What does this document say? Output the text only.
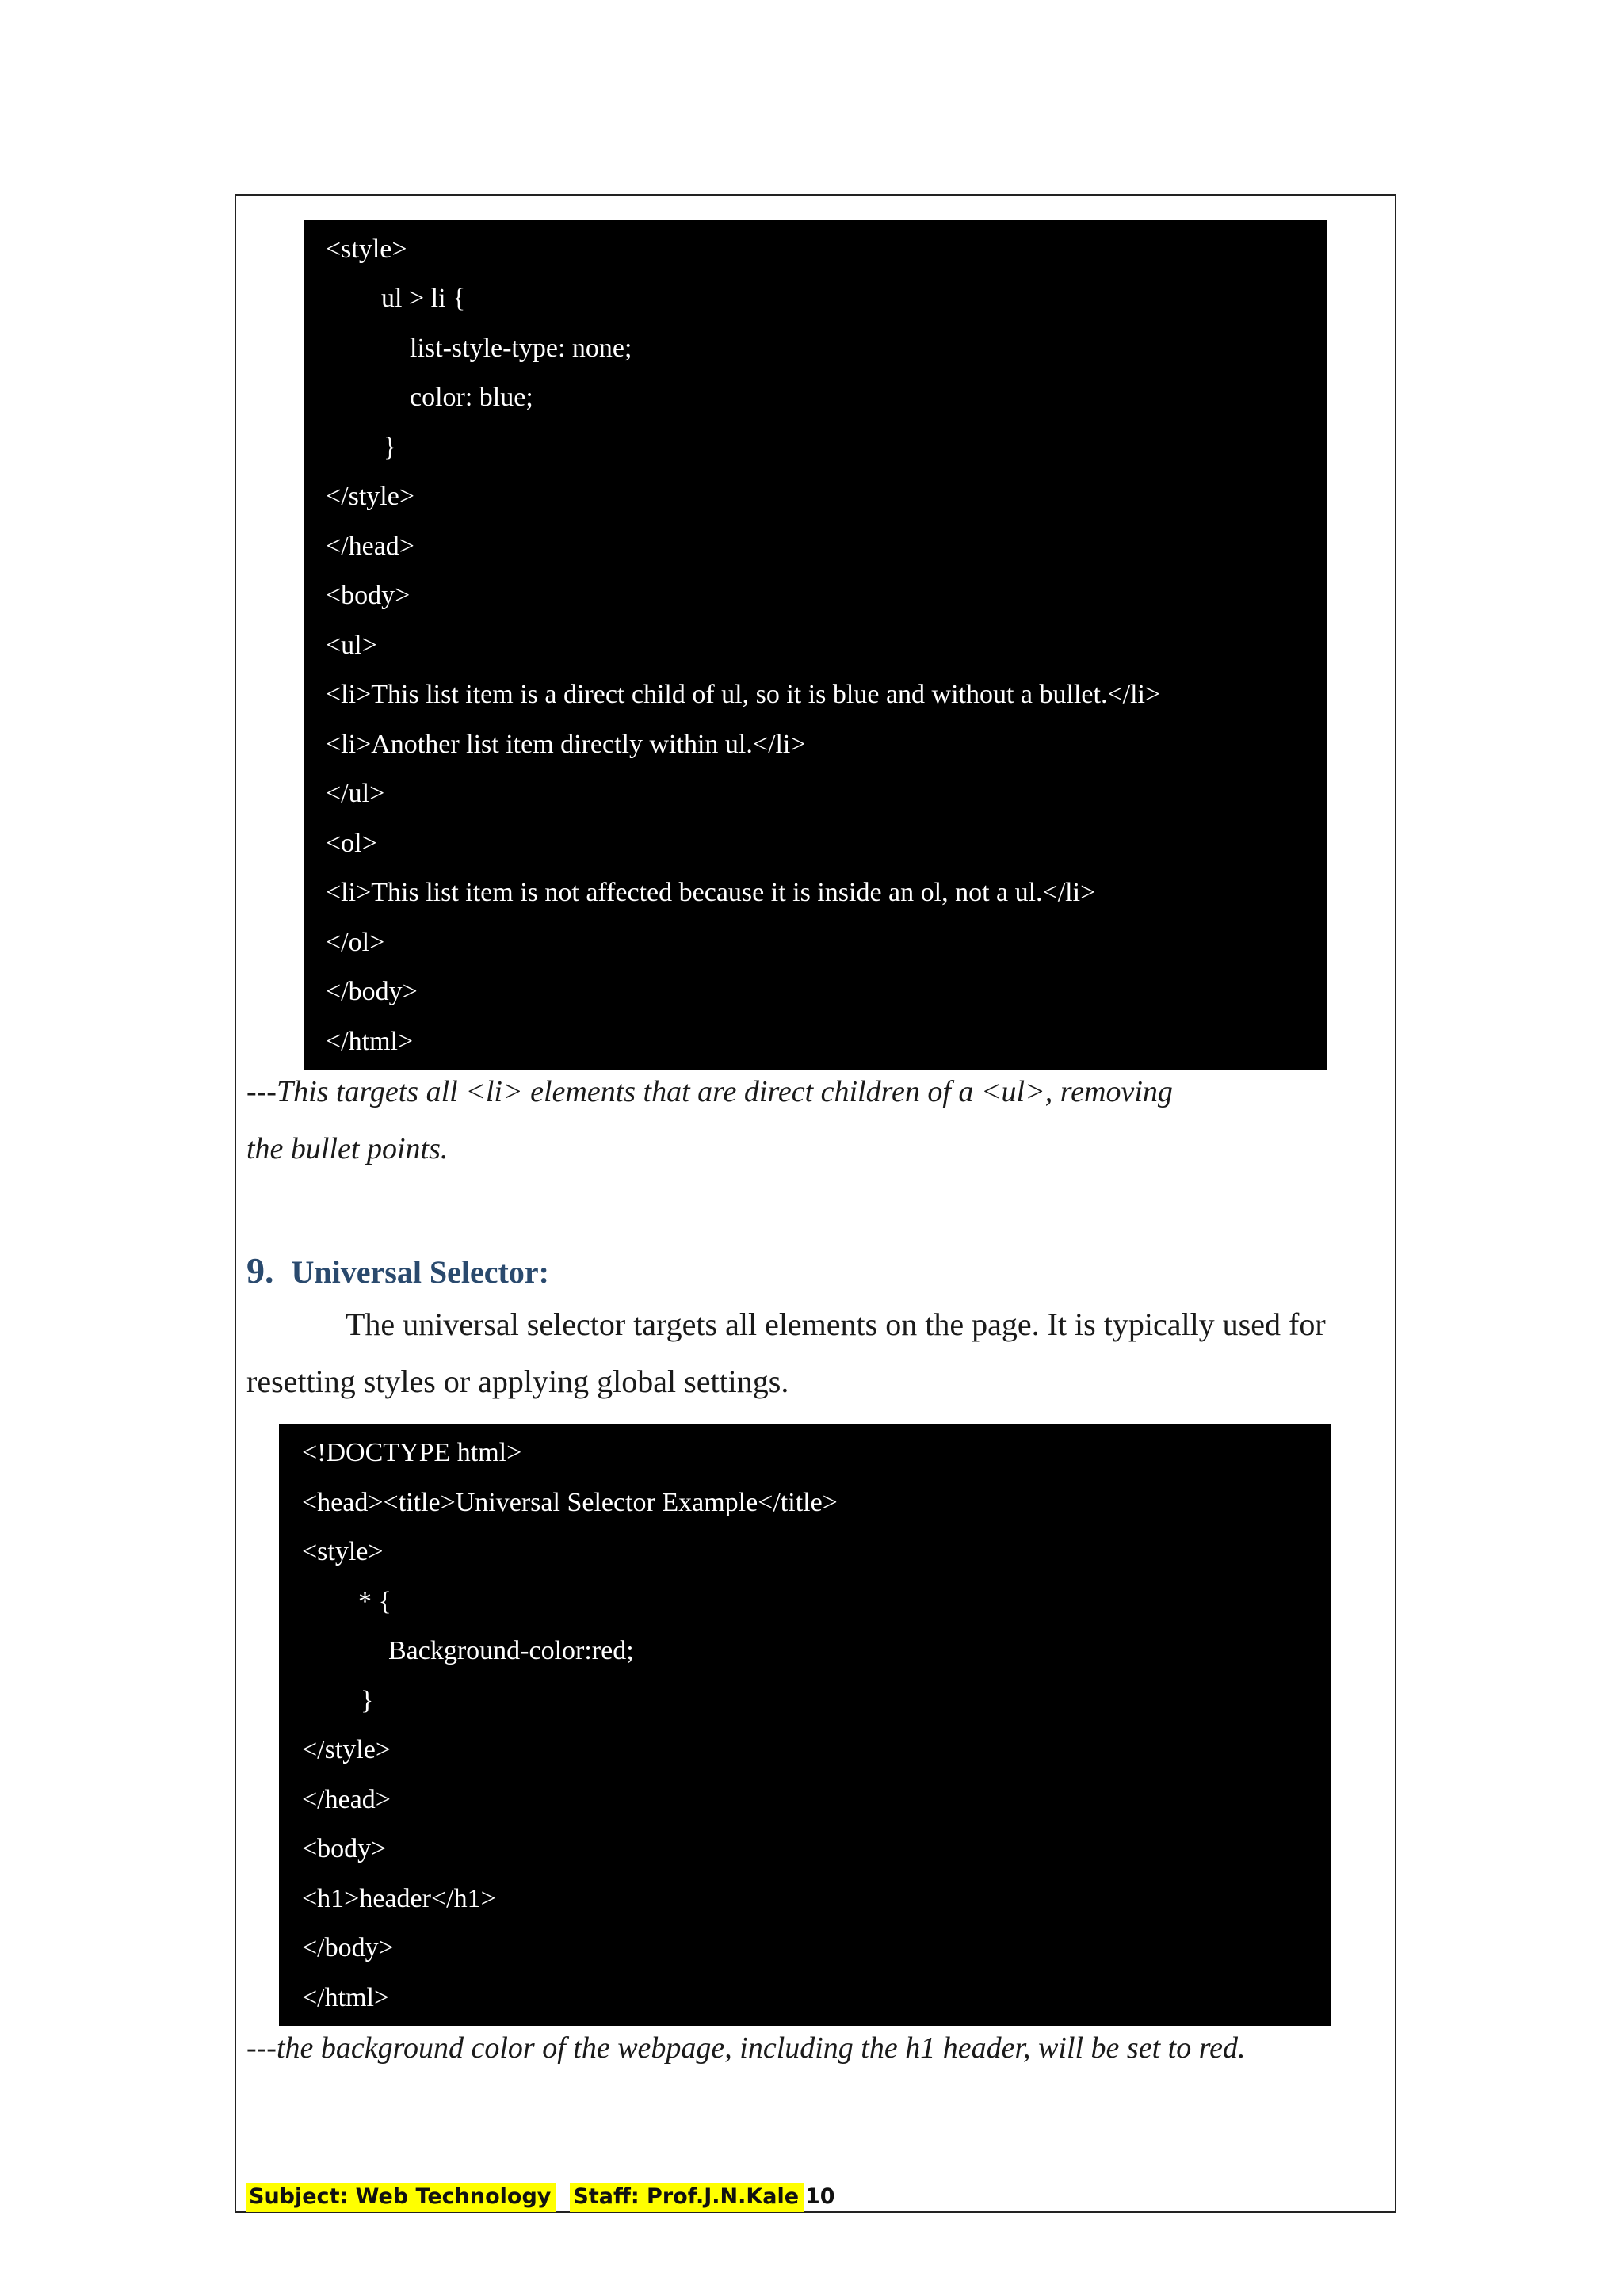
<style>
ul > li {
list-style-type: none;
color: blue;
}
</style>
</head>
<body>
<ul>
<li>This list item is a direct child of ul, so it is blue and without a bullet.</li>
<li>Another list item directly within ul.</li>
</ul>
<ol>
<li>This list item is not affected because it is inside an ol, not a ul.</li>
</ol>
</body>
</html>
---This targets all <li> elements that are direct children of a <ul>, removing
the bullet points.
9. Universal Selector:
The universal selector targets all elements on the page. It is typically used for
resetting styles or applying global settings.
<!DOCTYPE html>
<head><title>Universal Selector Example</title>
<style>
* {
Background-color:red;
}
</style>
</head>
<body>
<h1>header</h1>
</body>
</html>
---the background color of the webpage, including the h1 header, will be set to red.
Subject: Web Technology Staff: Prof.J.N.Kale 10
